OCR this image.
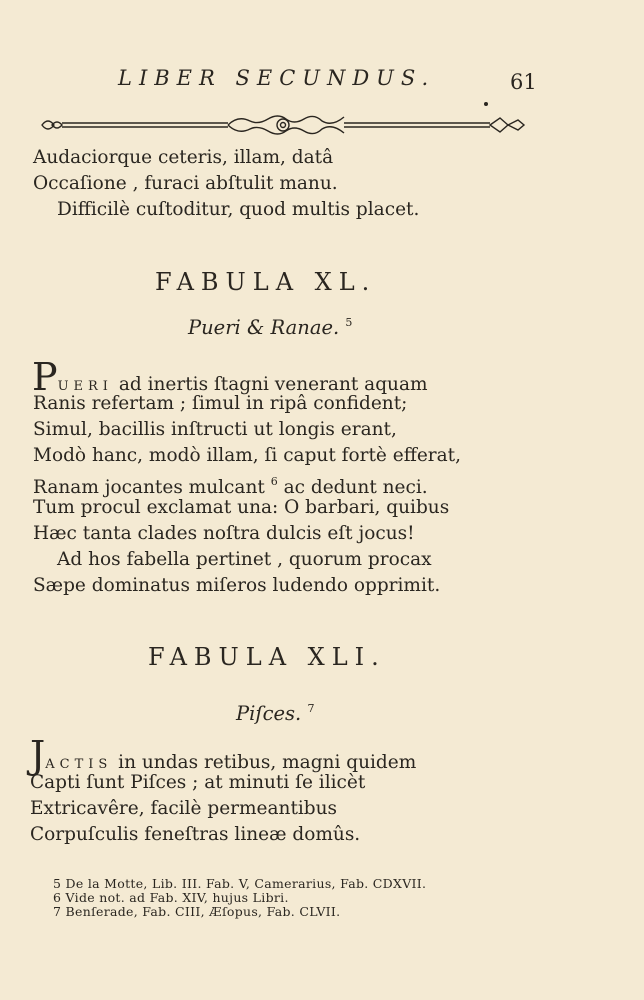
LIBER SECUNDUS.	61
Audaciorque ceteris, illam, datâ
Occaſione , furaci abſtulit manu.
Difficilè cuſtoditur, quod multis placet.
FABULA XL.
Pueri & Ranae. $^5$
PUERI ad inertis ſtagni venerant aquam
Ranis refertam ; ſimul in ripâ confident;
Simul, bacillis inſtructi ut longis erant,
Modò hanc, modò illam, ſi caput fortè efferat,
Ranam jocantes mulcant $^6$ ac dedunt neci.
Tum procul exclamat una: O barbari, quibus
Hæc tanta clades noſtra dulcis eſt jocus!
Ad hos fabella pertinet , quorum procax
Sæpe dominatus miſeros ludendo opprimit.
FABULA XLI.
Piſces. $^7$
JACTIS in undas retibus, magni quidem
Capti ſunt Piſces ; at minuti ſe ilicèt
Extricavêre, facilè permeantibus
Corpuſculis feneſtras lineæ domûs.
5 De la Motte, Lib. III. Fab. V, Camerarius, Fab. CDXVII.
6 Vide not. ad Fab. XIV, hujus Libri.
7 Benſerade, Fab. CIII, Æſopus, Fab. CLVII.
